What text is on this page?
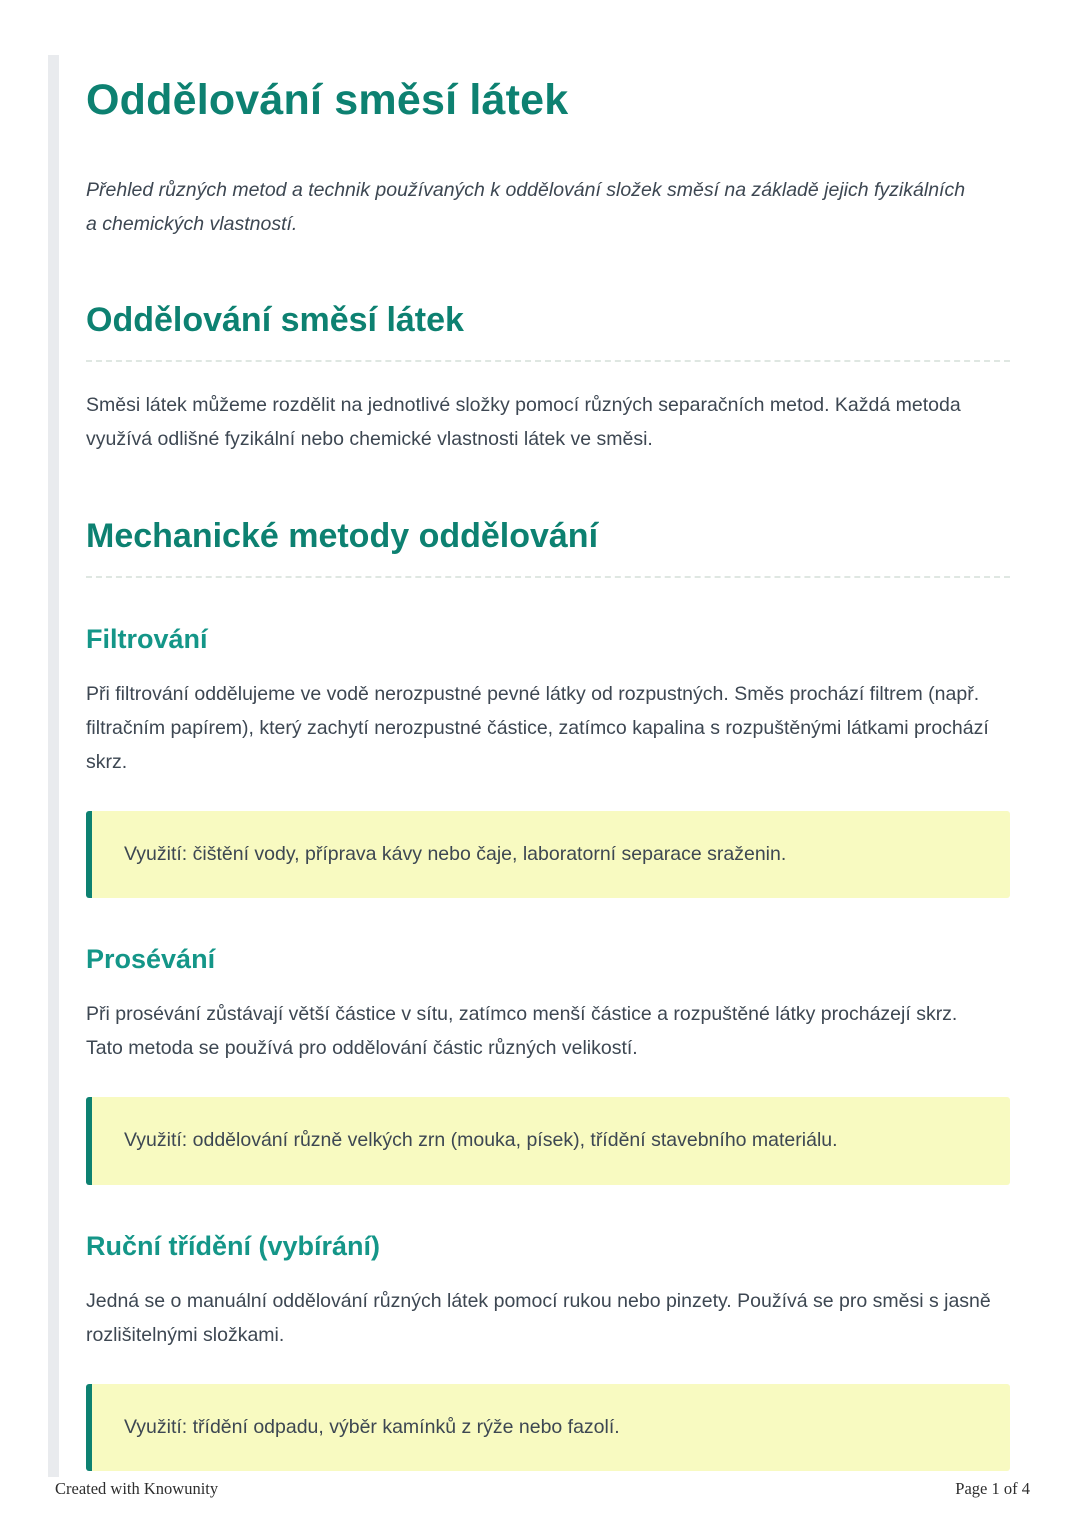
Oddělování směsí látek

Přehled různých metod a technik používaných k oddělování složek směsí na základě jejich fyzikálních a chemických vlastností.

Oddělování směsí látek

Směsi látek můžeme rozdělit na jednotlivé složky pomocí různých separačních metod. Každá metoda využívá odlišné fyzikální nebo chemické vlastnosti látek ve směsi.

Mechanické metody oddělování
Filtrování

Při filtrování oddělujeme ve vodě nerozpustné pevné látky od rozpustných. Směs prochází filtrem (např. filtračním papírem), který zachytí nerozpustné částice, zatímco kapalina s rozpuštěnými látkami prochází skrz.

Využití: čištění vody, příprava kávy nebo čaje, laboratorní separace sraženin.

Prosévání

Při prosévání zůstávají větší částice v sítu, zatímco menší částice a rozpuštěné látky procházejí skrz. Tato metoda se používá pro oddělování částic různých velikostí.

Využití: oddělování různě velkých zrn (mouka, písek), třídění stavebního materiálu.

Ruční třídění (vybírání)

Jedná se o manuální oddělování různých látek pomocí rukou nebo pinzety. Používá se pro směsi s jasně rozlišitelnými složkami.

Využití: třídění odpadu, výběr kamínků z rýže nebo fazolí.

Created with Knowunity	Page 1 of 4
